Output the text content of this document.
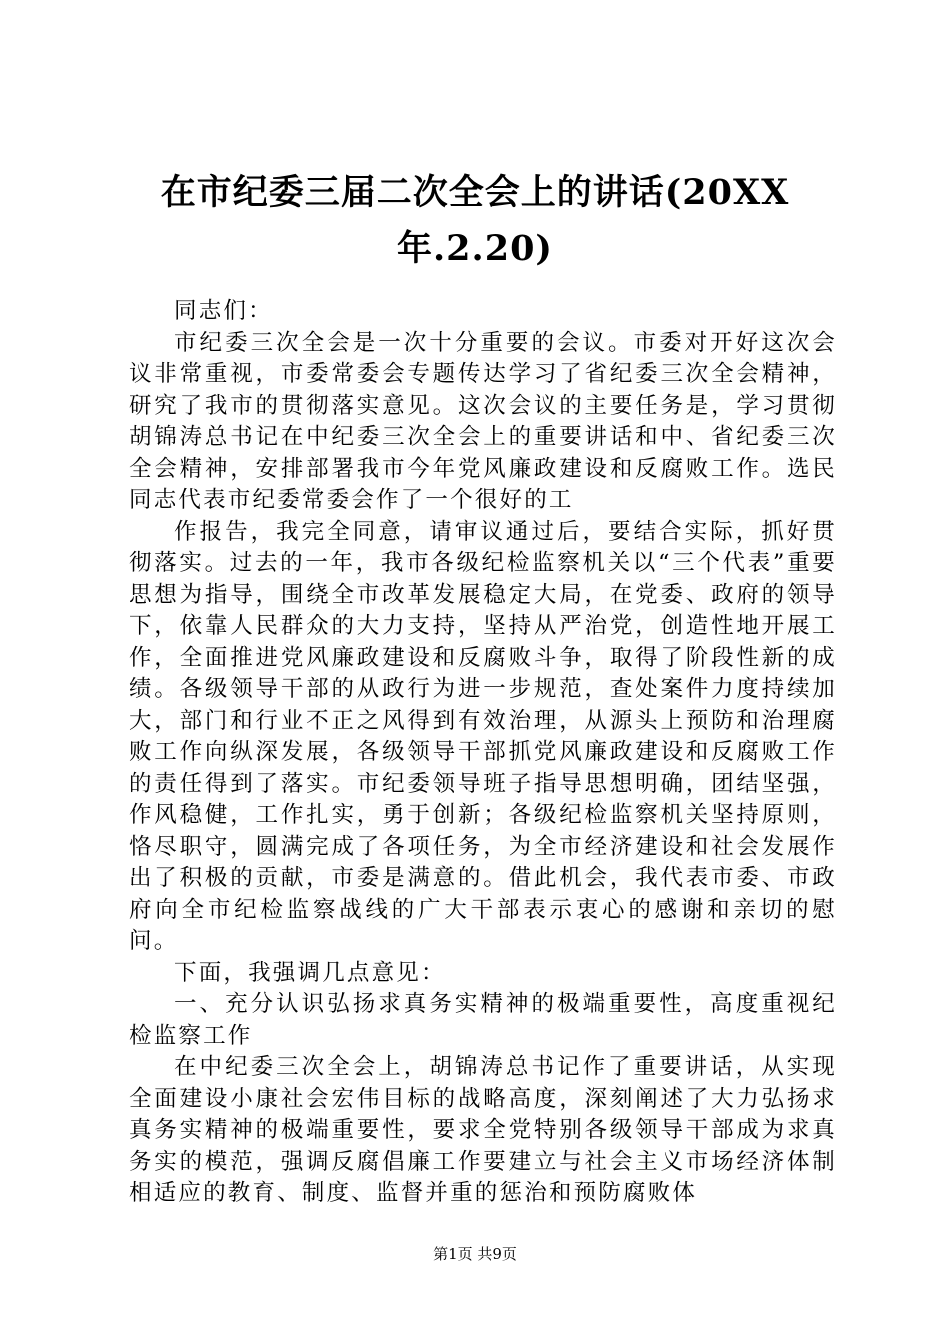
在市纪委三届二次全会上的讲话(20XX
年.2.20)

同志们：

市纪委三次全会是一次十分重要的会议。市委对开好这次会议非常重视，市委常委会专题传达学习了省纪委三次全会精神，研究了我市的贯彻落实意见。这次会议的主要任务是，学习贯彻胡锦涛总书记在中纪委三次全会上的重要讲话和中、省纪委三次全会精神，安排部署我市今年党风廉政建设和反腐败工作。选民同志代表市纪委常委会作了一个很好的工

作报告，我完全同意，请审议通过后，要结合实际，抓好贯彻落实。过去的一年，我市各级纪检监察机关以“三个代表”重要思想为指导，围绕全市改革发展稳定大局，在党委、政府的领导下，依靠人民群众的大力支持，坚持从严治党，创造性地开展工作，全面推进党风廉政建设和反腐败斗争，取得了阶段性新的成绩。各级领导干部的从政行为进一步规范，查处案件力度持续加大，部门和行业不正之风得到有效治理，从源头上预防和治理腐败工作向纵深发展，各级领导干部抓党风廉政建设和反腐败工作的责任得到了落实。市纪委领导班子指导思想明确，团结坚强，作风稳健，工作扎实，勇于创新；各级纪检监察机关坚持原则，恪尽职守，圆满完成了各项任务，为全市经济建设和社会发展作出了积极的贡献，市委是满意的。借此机会，我代表市委、市政府向全市纪检监察战线的广大干部表示衷心的感谢和亲切的慰问。

下面，我强调几点意见：

一、充分认识弘扬求真务实精神的极端重要性，高度重视纪检监察工作

在中纪委三次全会上，胡锦涛总书记作了重要讲话，从实现全面建设小康社会宏伟目标的战略高度，深刻阐述了大力弘扬求真务实精神的极端重要性，要求全党特别各级领导干部成为求真务实的模范，强调反腐倡廉工作要建立与社会主义市场经济体制相适应的教育、制度、监督并重的惩治和预防腐败体

第1页 共9页
